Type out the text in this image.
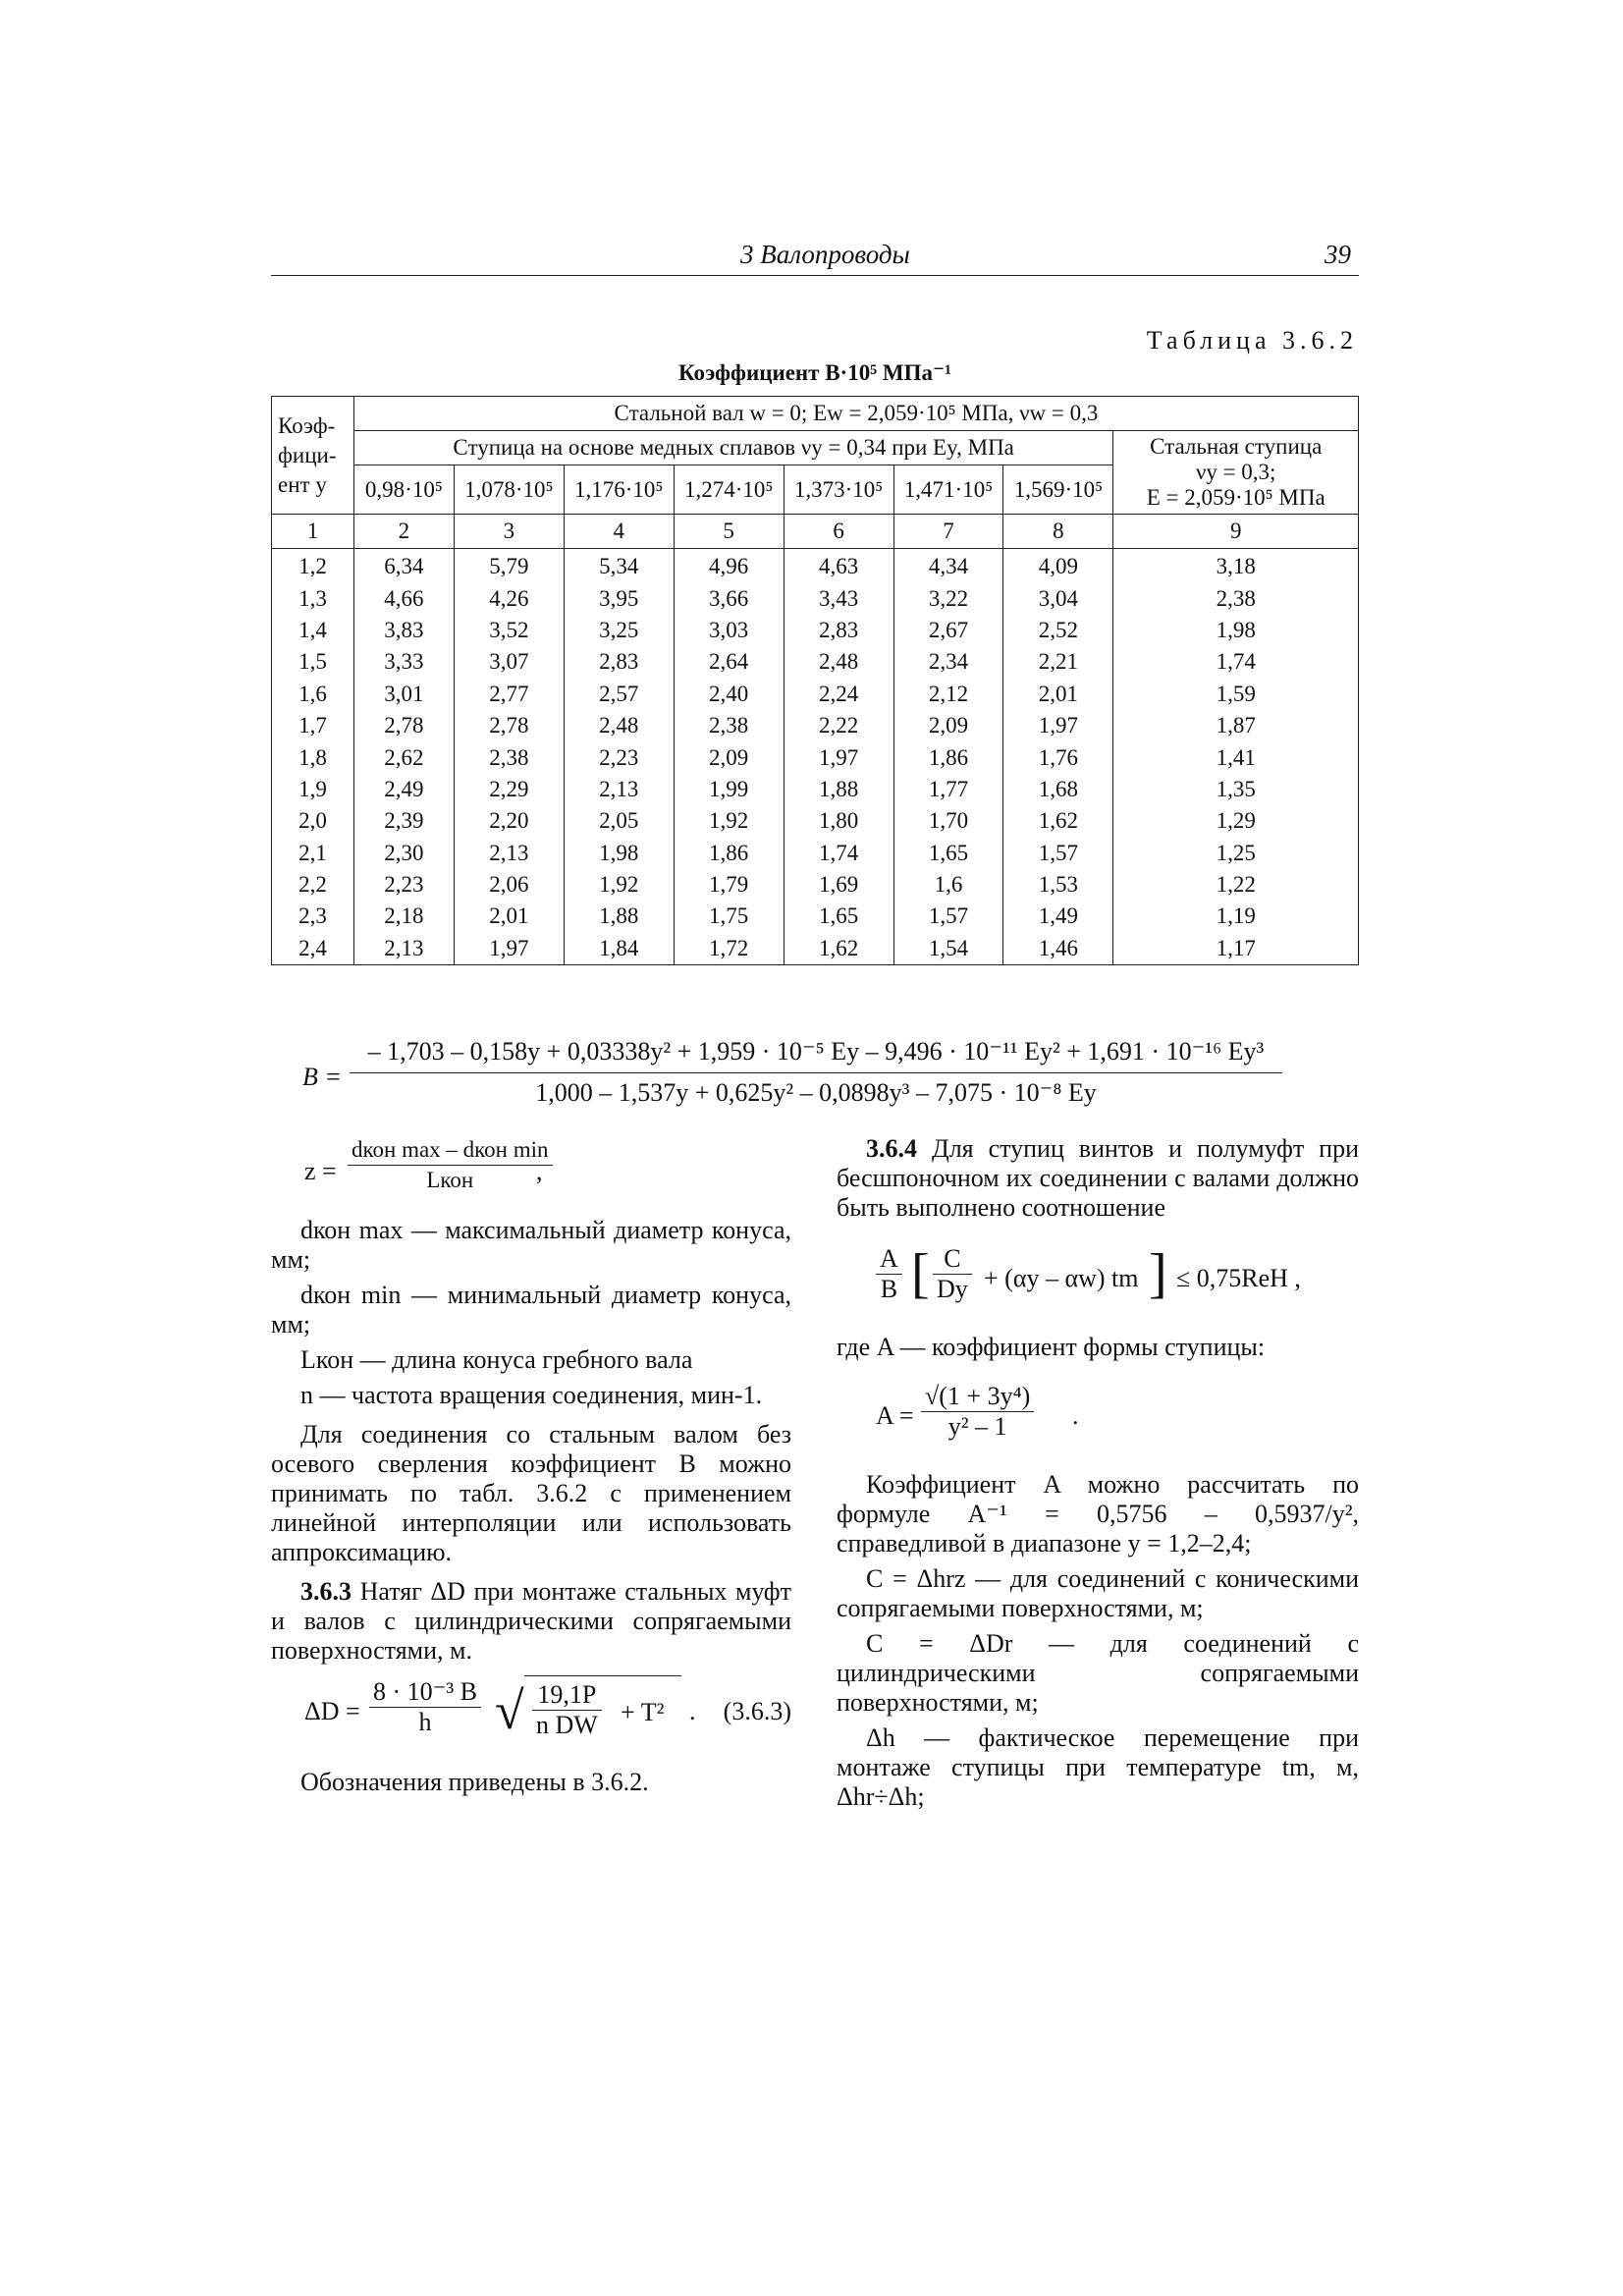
3 Валопроводы	39
Таблица 3.6.2
Коэффициент B·10⁵ МПа⁻¹
Коэф-фици-ент y	Стальной вал w = 0; Ew = 2,059·10⁵ МПа, νw = 0,3							
	Ступица на основе медных сплавов νy = 0,34 при Ey, МПа							Стальная ступица
νy = 0,3;
E = 2,059·10⁵ МПа

	0,98·10⁵	1,078·10⁵	1,176·10⁵	1,274·10⁵	1,373·10⁵	1,471·10⁵	1,569·10⁵	
1	2	3	4	5	6	7	8	9
1,2	6,34	5,79	5,34	4,96	4,63	4,34	4,09	3,18
1,3	4,66	4,26	3,95	3,66	3,43	3,22	3,04	2,38
1,4	3,83	3,52	3,25	3,03	2,83	2,67	2,52	1,98
1,5	3,33	3,07	2,83	2,64	2,48	2,34	2,21	1,74
1,6	3,01	2,77	2,57	2,40	2,24	2,12	2,01	1,59
1,7	2,78	2,78	2,48	2,38	2,22	2,09	1,97	1,87
1,8	2,62	2,38	2,23	2,09	1,97	1,86	1,76	1,41
1,9	2,49	2,29	2,13	1,99	1,88	1,77	1,68	1,35
2,0	2,39	2,20	2,05	1,92	1,80	1,70	1,62	1,29
2,1	2,30	2,13	1,98	1,86	1,74	1,65	1,57	1,25
2,2	2,23	2,06	1,92	1,79	1,69	1,6	1,53	1,22
2,3	2,18	2,01	1,88	1,75	1,65	1,57	1,49	1,19
2,4	2,13	1,97	1,84	1,72	1,62	1,54	1,46	1,17
B =
– 1,703 – 0,158y + 0,03338y² + 1,959 · 10⁻⁵ Ey – 9,496 · 10⁻¹¹ Ey² + 1,691 · 10⁻¹⁶ Ey³
1,000 – 1,537y + 0,625y² – 0,0898y³ – 7,075 · 10⁻⁸ Ey
z =
dкон max – dкон min
Lкон	,

dкон max — максимальный диаметр конуса, мм;

dкон min — минимальный диаметр конуса, мм;

Lкон — длина конуса гребного вала

n — частота вращения соединения, мин-1.

Для соединения со стальным валом без осевого сверления коэффициент B можно принимать по табл. 3.6.2 с применением линейной интерполяции или использовать аппроксимацию.

3.6.3 Натяг ΔD при монтаже стальных муфт и валов с цилиндрическими сопрягаемыми поверхностями, м.

$\Delta D = \frac{\text{8 · 10⁻³ B}}{h}$ √ $\frac{19,1P}{\text{n DW}} + T^2$ . (3.6.3)

Обозначения приведены в 3.6.2.

3.6.4 Для ступиц винтов и полумуфт при бесшпоночном их соединении с валами должно быть выполнено соотношение

$\frac{A}{B}$ [ $\frac{C}{Dy} + (\alpha y - \alpha w)$ tm ] ≤ 0,75ReH ,

где A — коэффициент формы ступицы:

$A = \frac{\text{√(1 + 3y⁴)}}{\text{y² – 1}}$ .

Коэффициент A можно рассчитать по формуле A⁻¹ = 0,5756 – 0,5937/y², справедливой в диапазоне y = 1,2–2,4;

C = Δhrz — для соединений с коническими сопрягаемыми поверхностями, м;

C = ΔDr — для соединений с цилиндрическими сопрягаемыми поверхностями, м;

Δh — фактическое перемещение при монтаже ступицы при температуре tm, м, Δhr÷Δh;
